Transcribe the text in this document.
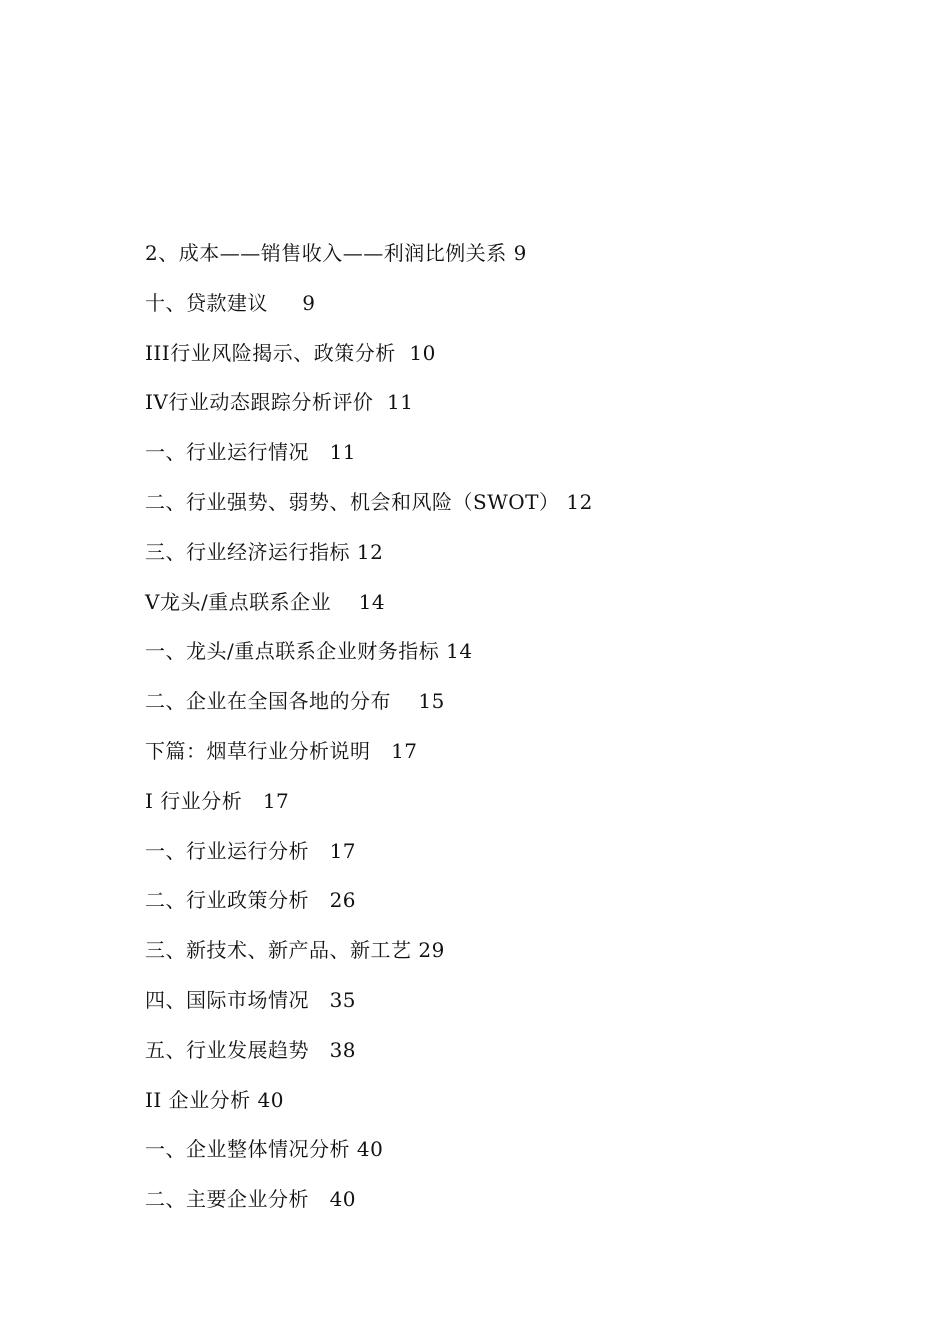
2、成本——销售收入——利润比例关系 9
十、贷款建议     9
III行业风险揭示、政策分析  10
IV行业动态跟踪分析评价  11
一、行业运行情况   11
二、行业强势、弱势、机会和风险（SWOT） 12
三、行业经济运行指标 12
V龙头/重点联系企业    14
一、龙头/重点联系企业财务指标 14
二、企业在全国各地的分布    15
下篇：烟草行业分析说明   17
I 行业分析   17
一、行业运行分析   17
二、行业政策分析   26
三、新技术、新产品、新工艺 29
四、国际市场情况   35
五、行业发展趋势   38
II 企业分析 40
一、企业整体情况分析 40
二、主要企业分析   40
